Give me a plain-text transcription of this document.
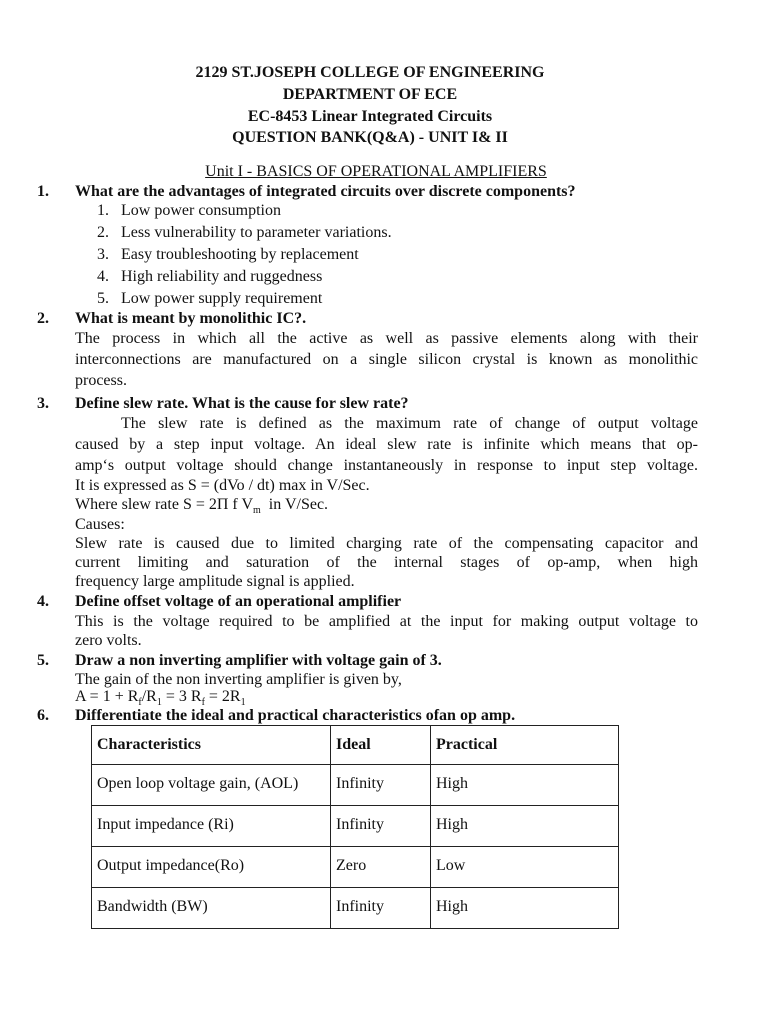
2129 ST.JOSEPH COLLEGE OF ENGINEERING
DEPARTMENT OF ECE
EC-8453 Linear Integrated Circuits
QUESTION BANK(Q&A) - UNIT I& II
Unit I - BASICS OF OPERATIONAL AMPLIFIERS
1. What are the advantages of integrated circuits over discrete components?
1. Low power consumption
2. Less vulnerability to parameter variations.
3. Easy troubleshooting by replacement
4. High reliability and ruggedness
5. Low power supply requirement
2. What is meant by monolithic IC?.
The process in which all the active as well as passive elements along with their
interconnections are manufactured on a single silicon crystal is known as monolithic
process.
3. Define slew rate. What is the cause for slew rate?
The slew rate is defined as the maximum rate of change of output voltage
caused by a step input voltage. An ideal slew rate is infinite which means that op-
amp‘s output voltage should change instantaneously in response to input step voltage.
It is expressed as S = (dVo / dt) max in V/Sec.
Where slew rate S = 2Π f $V_m$  in V/Sec.
Causes:
Slew rate is caused due to limited charging rate of the compensating capacitor and
current limiting and saturation of the internal stages of op-amp, when high
frequency large amplitude signal is applied.
4. Define offset voltage of an operational amplifier
This is the voltage required to be amplified at the input for making output voltage to
zero volts.
5. Draw a non inverting amplifier with voltage gain of 3.
The gain of the non inverting amplifier is given by,
$A = 1 + R_f/R_1 = 3$ $R_f = 2R_1$
6. Differentiate the ideal and practical characteristics ofan op amp.
Characteristics	Ideal	Practical
Open loop voltage gain, (AOL)	Infinity	High
Input impedance (Ri)	Infinity	High
Output impedance(Ro)	Zero	Low
Bandwidth (BW)	Infinity	High
